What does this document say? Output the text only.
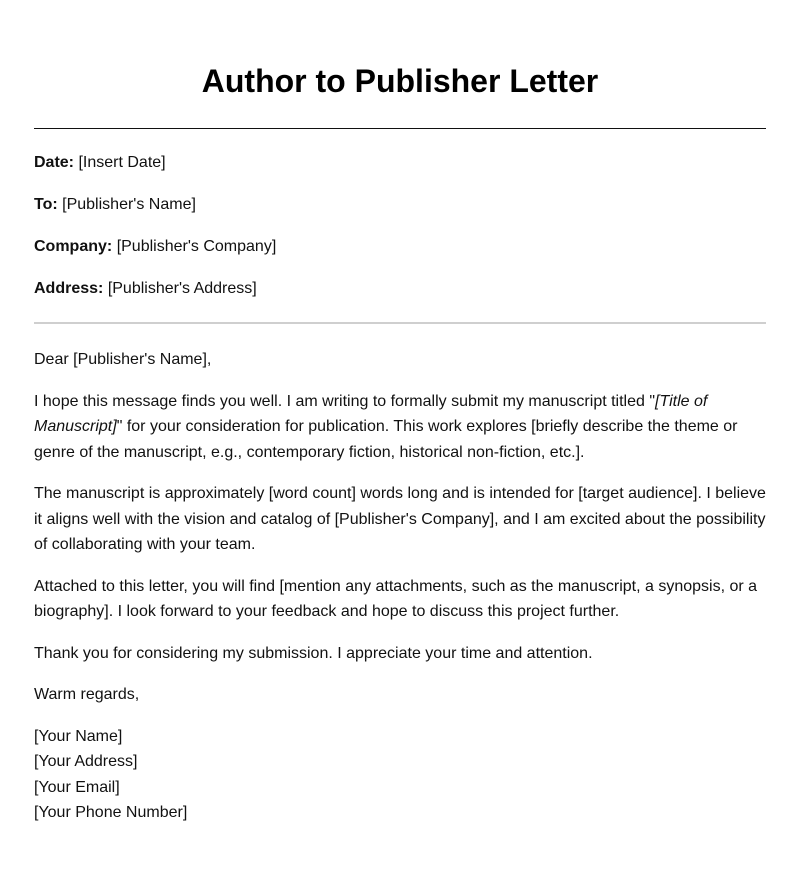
Author to Publisher Letter

Date: [Insert Date]

To: [Publisher's Name]

Company: [Publisher's Company]

Address: [Publisher's Address]

Dear [Publisher's Name],

I hope this message finds you well. I am writing to formally submit my manuscript titled "[Title of Manuscript]" for your consideration for publication. This work explores [briefly describe the theme or genre of the manuscript, e.g., contemporary fiction, historical non-fiction, etc.].

The manuscript is approximately [word count] words long and is intended for [target audience]. I believe it aligns well with the vision and catalog of [Publisher's Company], and I am excited about the possibility of collaborating with your team.

Attached to this letter, you will find [mention any attachments, such as the manuscript, a synopsis, or a biography]. I look forward to your feedback and hope to discuss this project further.

Thank you for considering my submission. I appreciate your time and attention.

Warm regards,

[Your Name]

[Your Address]

[Your Email]

[Your Phone Number]
